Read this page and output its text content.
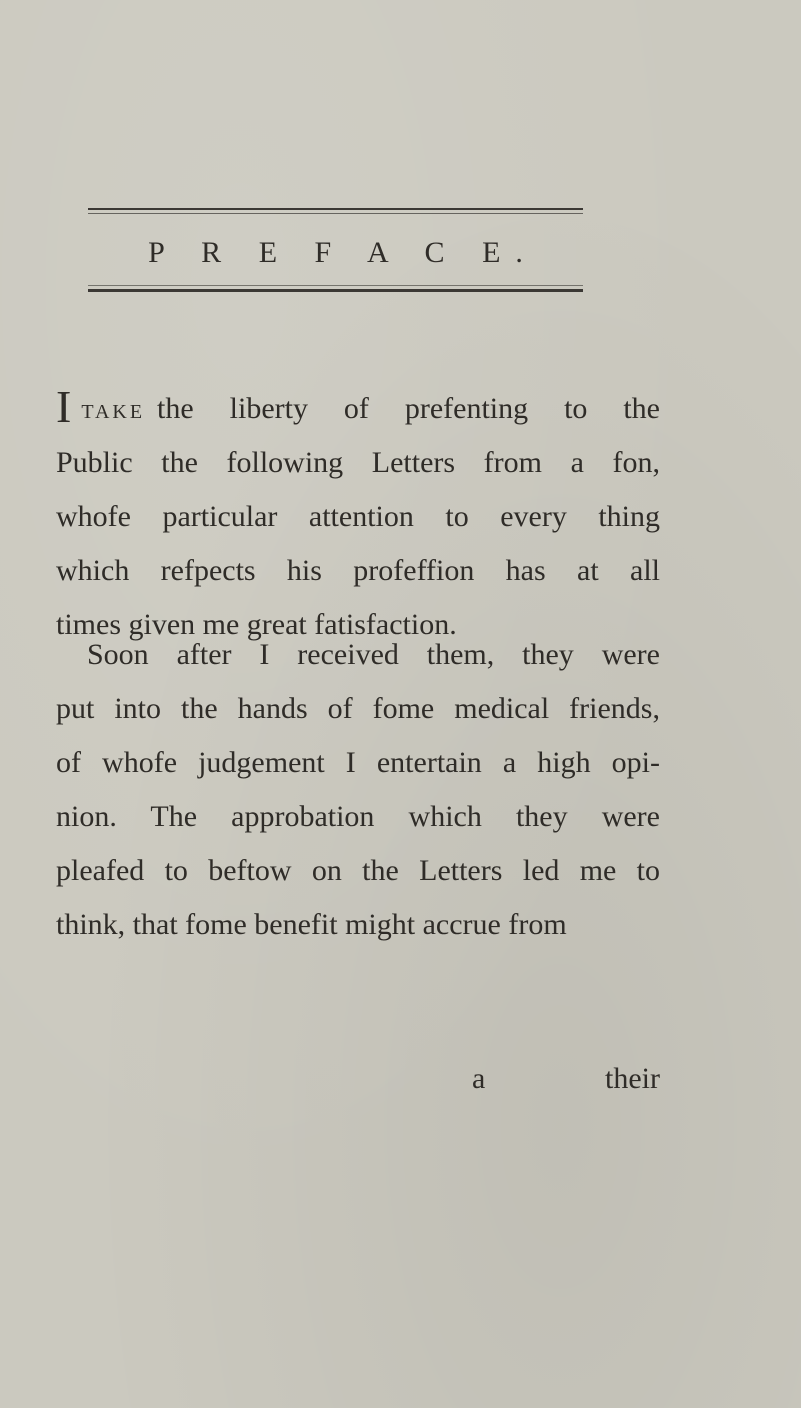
P R E F A C E.
ITAKE the liberty of prefenting to the
Public the following Letters from a fon,
whofe particular attention to every thing
which refpects his profeffion has at all
times given me great fatisfaction.
Soon after I received them, they were
put into the hands of fome medical friends,
of whofe judgement I entertain a high opi-
nion. The approbation which they were
pleafed to beftow on the Letters led me to
think, that fome benefit might accrue from
a	their
